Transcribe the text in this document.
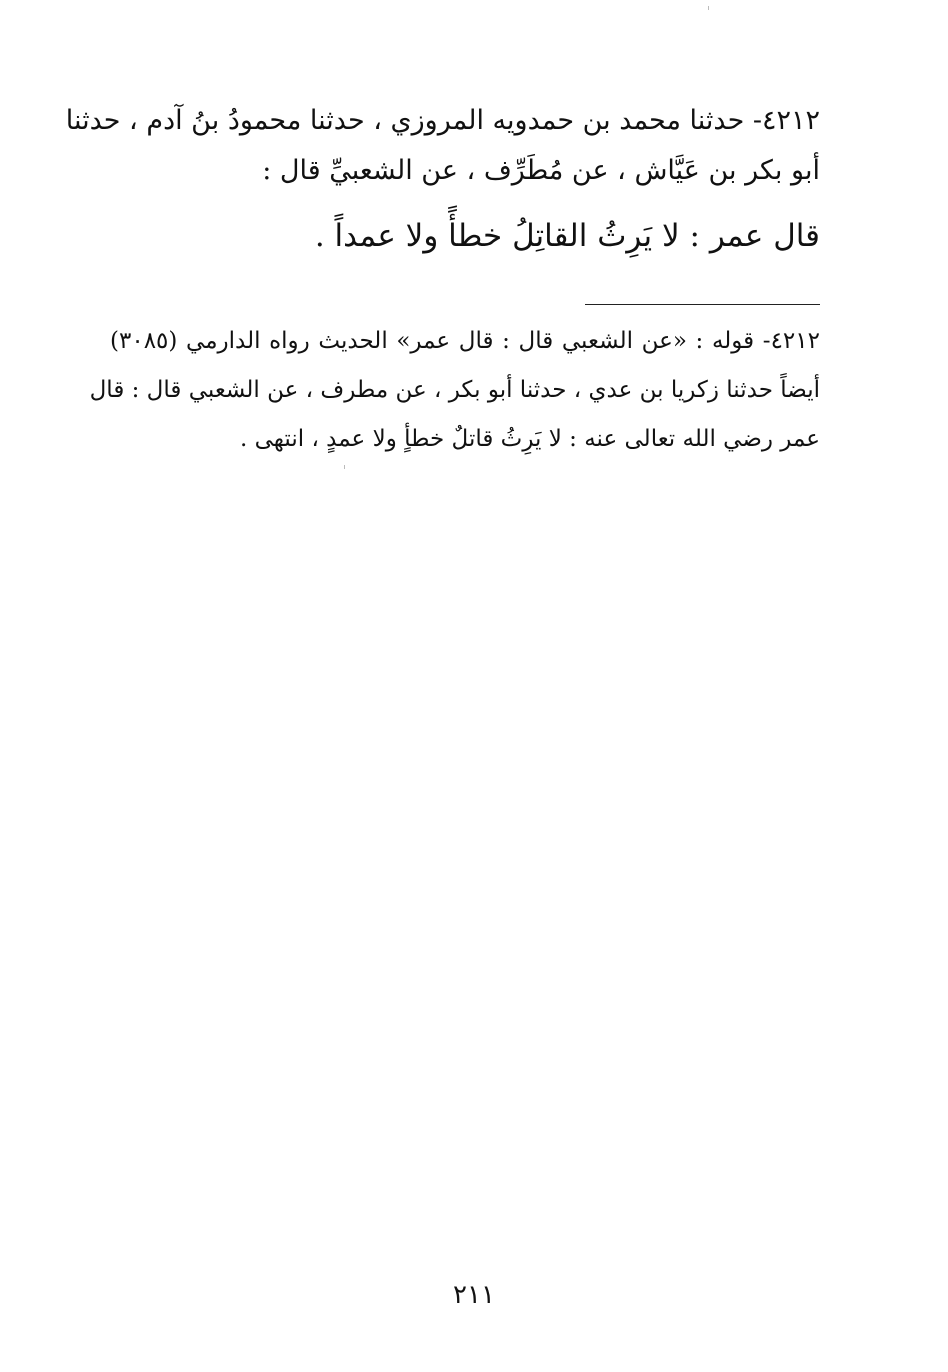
٤٢١٢- حدثنا محمد بن حمدويه المروزي ، حدثنا محمودُ بنُ آدم ، حدثنا
أبو بكر بن عَيَّاش ، عن مُطَرِّف ، عن الشعبيِّ قال :
قال عمر : لا يَرِثُ القاتِلُ خطأً ولا عمداً .
٤٢١٢- قوله : «عن الشعبي قال : قال عمر» الحديث رواه الدارمي (٣٠٨٥)
أيضاً حدثنا زكريا بن عدي ، حدثنا أبو بكر ، عن مطرف ، عن الشعبي قال : قال
عمر رضي الله تعالى عنه : لا يَرِثُ قاتلٌ خطأٍ ولا عمدٍ ، انتهى .
٢١١
